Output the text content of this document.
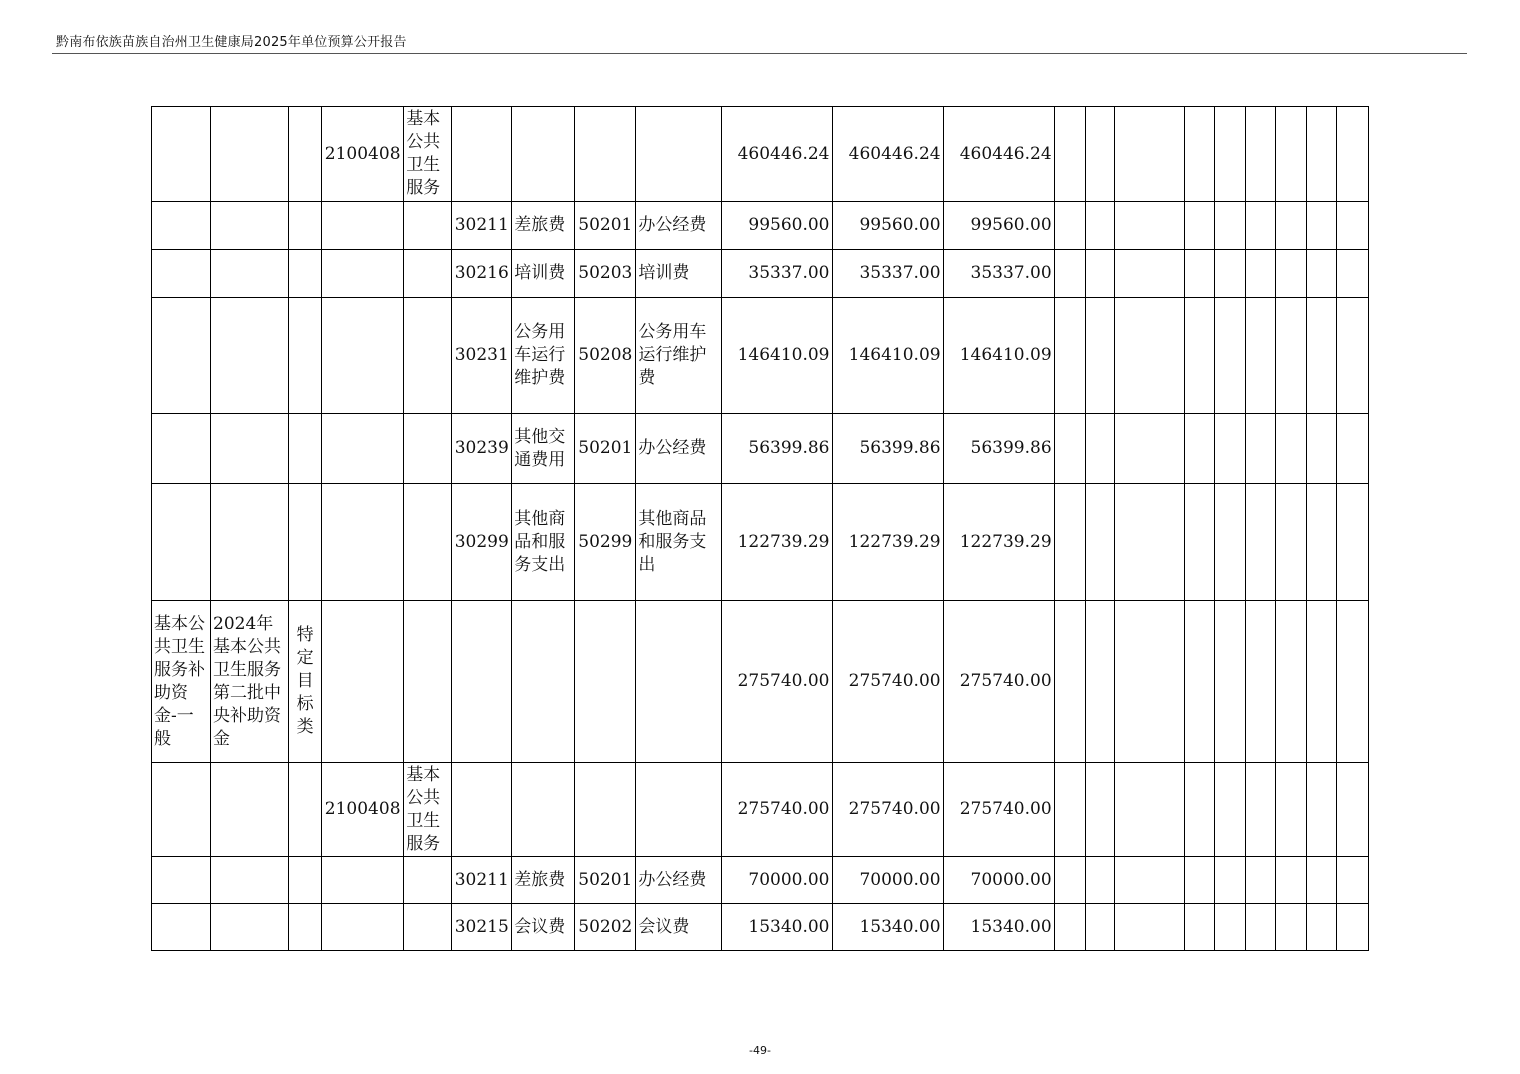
黔南布依族苗族自治州卫生健康局2025年单位预算公开报告
			2100408	基本公共卫生服务					460446.24	460446.24	460446.24									
					30211	差旅费	50201	办公经费	99560.00	99560.00	99560.00									
					30216	培训费	50203	培训费	35337.00	35337.00	35337.00									
					30231	公务用车运行维护费	50208	公务用车运行维护费	146410.09	146410.09	146410.09									
					30239	其他交通费用	50201	办公经费	56399.86	56399.86	56399.86									
					30299	其他商品和服务支出	50299	其他商品和服务支出	122739.29	122739.29	122739.29									
基本公共卫生服务补助资金-一般	2024年基本公共卫生服务第二批中央补助资金	特定目标类							275740.00	275740.00	275740.00									
			2100408	基本公共卫生服务					275740.00	275740.00	275740.00									
					30211	差旅费	50201	办公经费	70000.00	70000.00	70000.00									
					30215	会议费	50202	会议费	15340.00	15340.00	15340.00									
-49-
